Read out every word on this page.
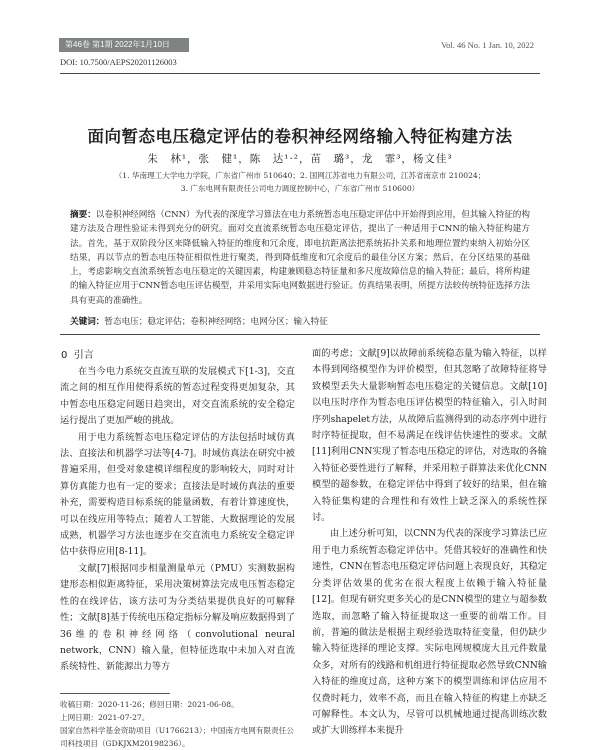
第46卷 第1期 2022年1月10日	Vol. 46 No. 1 Jan. 10, 2022
DOI: 10.7500/AEPS20201126003
面向暂态电压稳定评估的卷积神经网络输入特征构建方法
朱　林¹，张　健¹，陈　达¹·²，苗　璐³，龙　霏³，杨文佳³
（1. 华南理工大学电力学院，广东省广州市 510640；2. 国网江苏省电力有限公司，江苏省南京市 210024；
3. 广东电网有限责任公司电力调度控制中心，广东省广州市 510600）
摘要：以卷积神经网络（CNN）为代表的深度学习算法在电力系统暂态电压稳定评估中开始得到应用，但其输入特征的构建方法及合理性验证未得到充分的研究。面对交直流系统暂态电压稳定评估，提出了一种适用于CNN的输入特征构建方法。首先，基于双阶段分区来降低输入特征的维度和冗余度，即电抗距离法把系统拓扑关系和地理位置约束纳入初始分区结果，再以节点的暂态电压特征相似性进行聚类，得到降低维度和冗余度后的最佳分区方案；然后，在分区结果的基础上，考虑影响交直流系统暂态电压稳定的关键因素，构建兼顾稳态特征量和多尺度故障信息的输入特征；最后，将所构建的输入特征应用于CNN暂态电压评估模型，并采用实际电网数据进行验证。仿真结果表明，所提方法较传统特征选择方法具有更高的准确性。
关键词：暂态电压；稳定评估；卷积神经网络；电网分区；输入特征
0 引言

在当今电力系统交直流互联的发展模式下[1-3]，交直流之间的相互作用使得系统的暂态过程变得更加复杂，其中暂态电压稳定问题日趋突出，对交直流系统的安全稳定运行提出了更加严峻的挑战。

用于电力系统暂态电压稳定评估的方法包括时域仿真法、直接法和机器学习法等[4-7]。时域仿真法在研究中被普遍采用，但受对象建模详细程度的影响较大，同时对计算仿真能力也有一定的要求；直接法是时域仿真法的重要补充，需要构造目标系统的能量函数，有着计算速度快，可以在线应用等特点；随着人工智能、大数据理论的发展成熟，机器学习方法也逐步在交直流电力系统安全稳定评估中获得应用[8-11]。

文献[7]根据同步相量测量单元（PMU）实测数据构建形态相似距离特征，采用决策树算法完成电压暂态稳定性的在线评估，该方法可为分类结果提供良好的可解释性；文献[8]基于传统电压稳定指标分解及响应数据得到了36维的卷积神经网络（convolutional neural network，CNN）输入量，但特征选取中未加入对直流系统特性、新能源出力等方

面的考虑；文献[9]以故障前系统稳态量为输入特征，以样本得到网络模型作为评价模型，但其忽略了故障特征将导致模型丢失大量影响暂态电压稳定的关键信息。文献[10]以电压时序作为暂态电压评估模型的特征输入，引入时间序列shapelet方法，从故障后监测得到的动态序列中进行时序特征提取，但不易满足在线评估快速性的要求。文献[11]利用CNN实现了暂态电压稳定的评估，对选取的各输入特征必要性进行了解释，并采用粒子群算法来优化CNN模型的超参数，在稳定评估中得到了较好的结果，但在输入特征集构建的合理性和有效性上缺乏深入的系统性探讨。

由上述分析可知，以CNN为代表的深度学习算法已应用于电力系统暂态稳定评估中。凭借其较好的准确性和快速性，CNN在暂态电压稳定评估问题上表现良好，其稳定分类评估效果的优劣在很大程度上依赖于输入特征量[12]。但现有研究更多关心的是CNN模型的建立与超参数选取，而忽略了输入特征提取这一重要的前端工作。目前，普遍的做法是根据主观经验选取特征变量，但仍缺少输入特征选择的理论支撑。实际电网规模庞大且元件数量众多，对所有的线路和机组进行特征提取必然导致CNN输入特征的维度过高，这种方案下的模型训练和评估应用不仅费时耗力，效率不高，而且在输入特征的构建上亦缺乏可解释性。本文认为，尽管可以机械地通过提高训练次数或扩大训练样本来提升

收稿日期：2020-11-26；修回日期：2021-06-08。
上网日期：2021-07-27。
国家自然科学基金资助项目（U1766213）；中国南方电网有限责任公司科技项目（GDKJXM20198236）。
